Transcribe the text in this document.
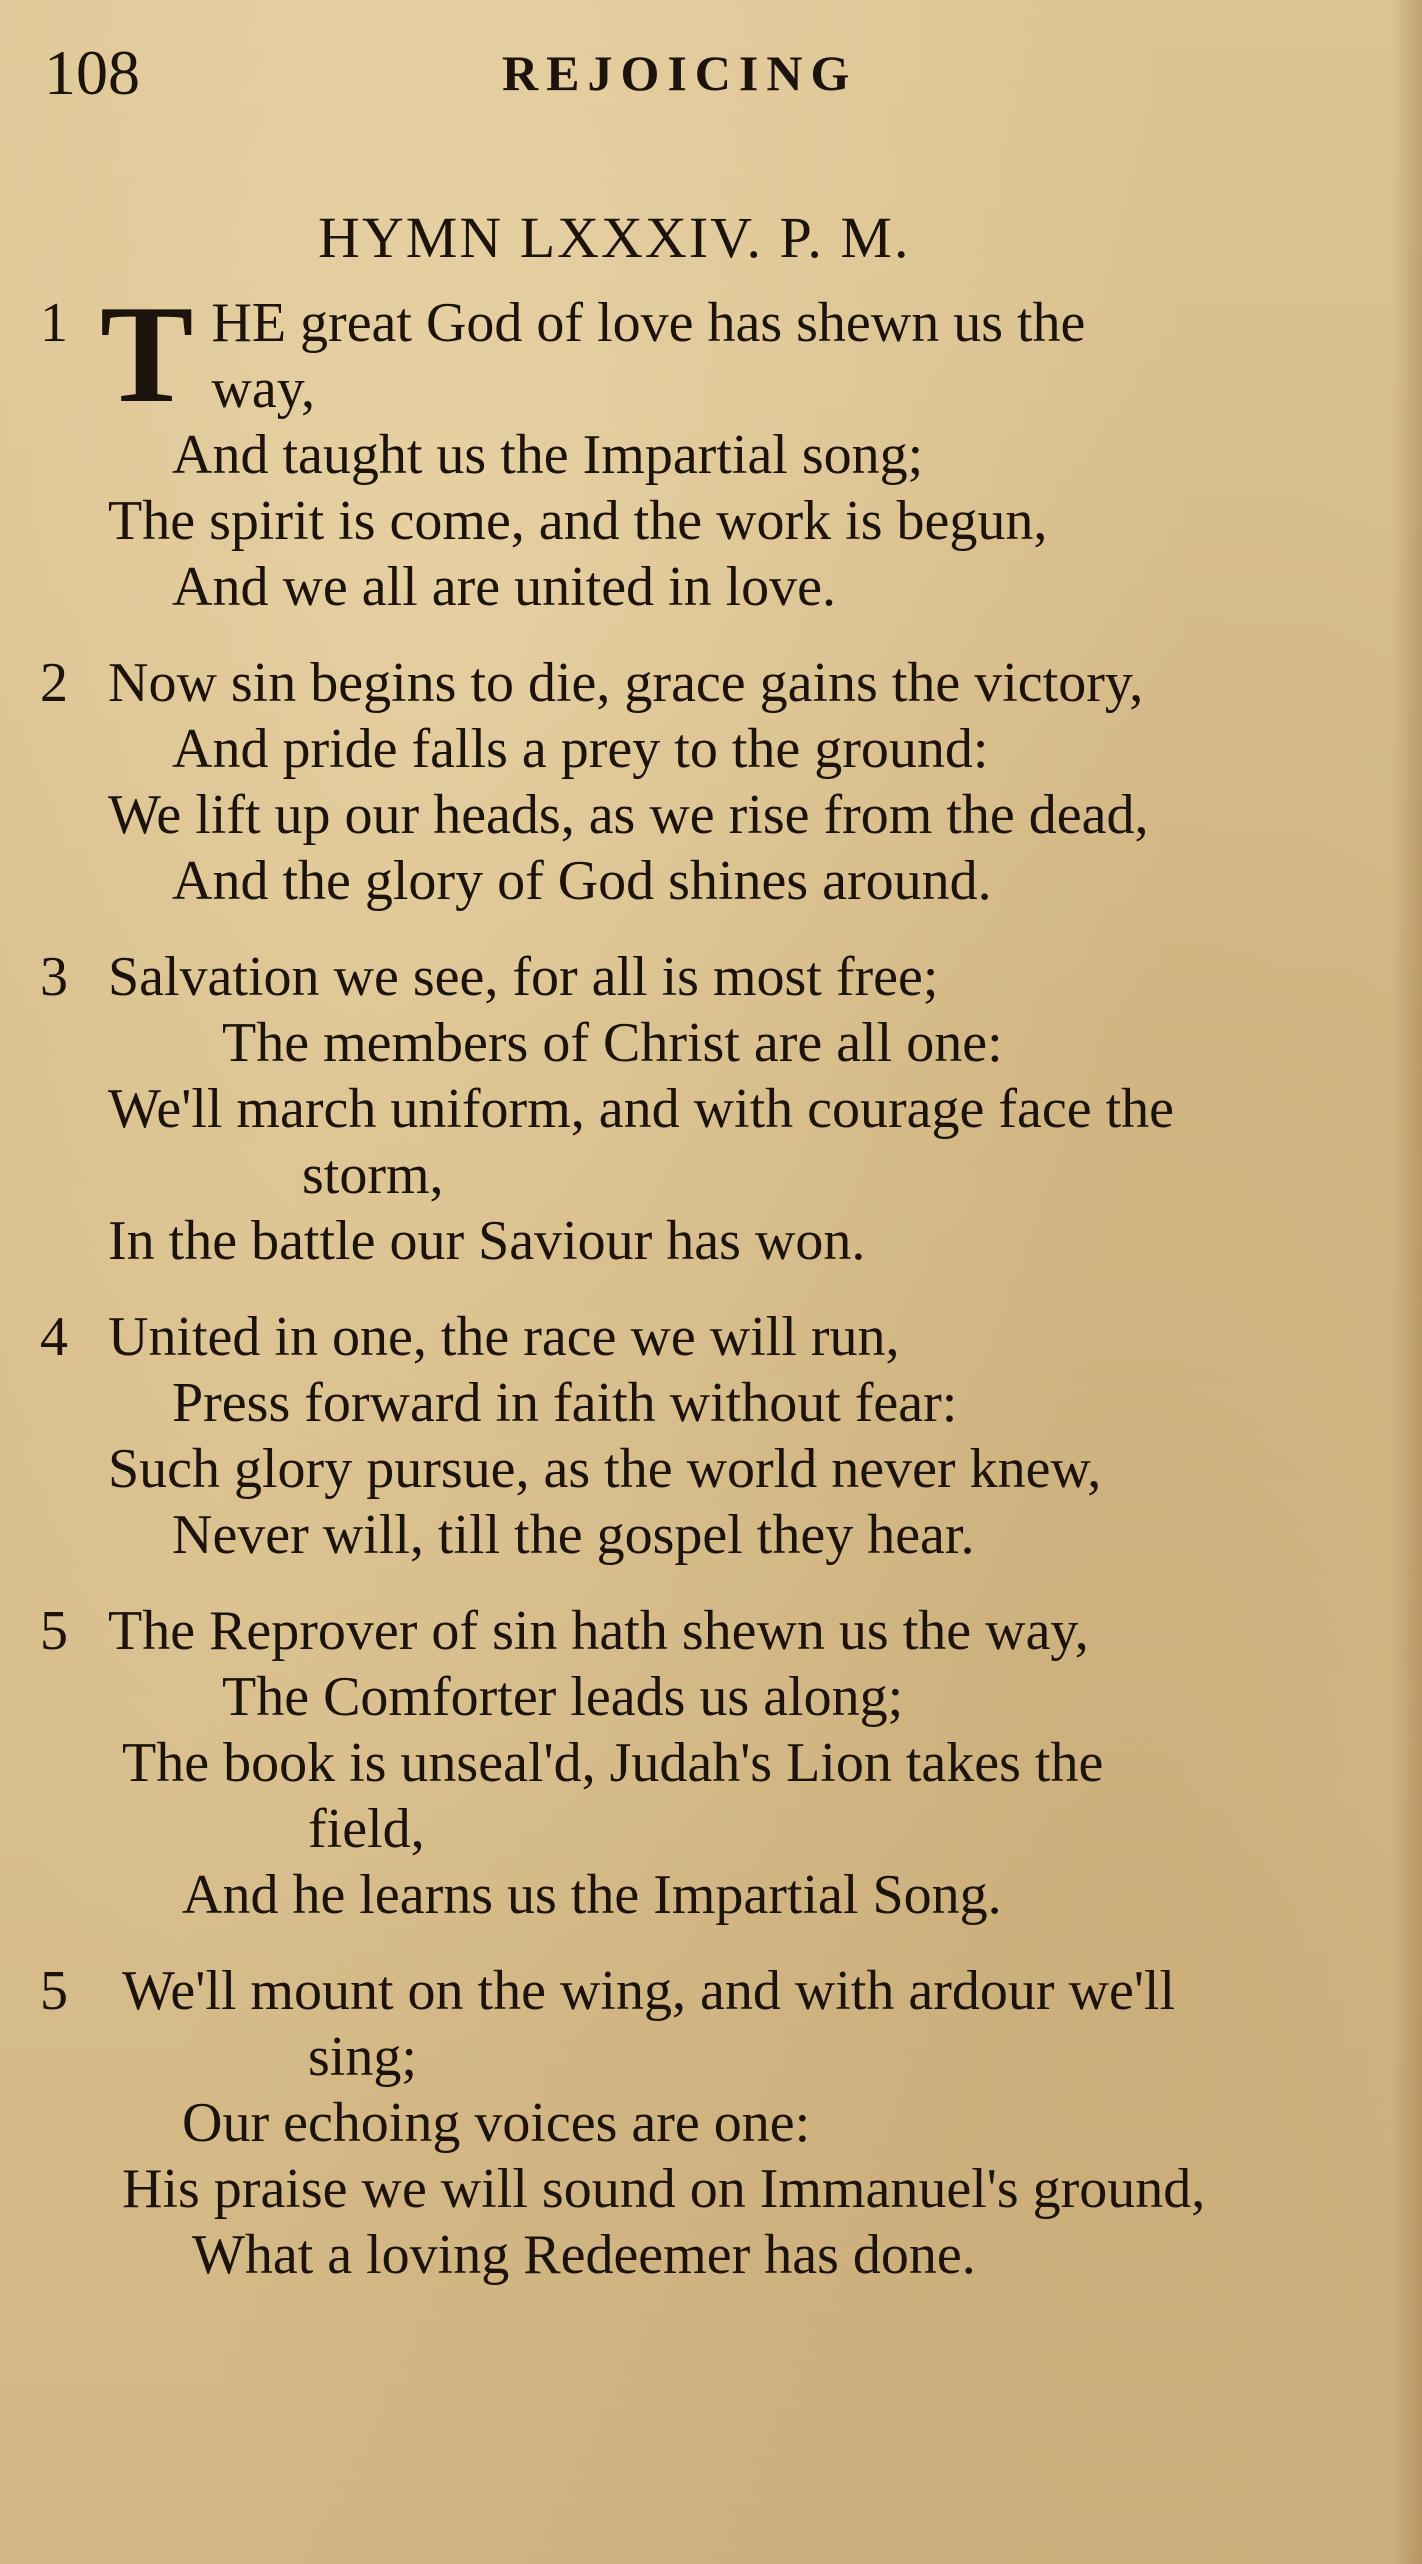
108	REJOICING
HYMN LXXXIV. P. M.
1 T HE great God of love has shewn us the
way,
And taught us the Impartial song;
The spirit is come, and the work is begun,
And we all are united in love.
2 Now sin begins to die, grace gains the victory,
And pride falls a prey to the ground:
We lift up our heads, as we rise from the dead,
And the glory of God shines around.
3 Salvation we see, for all is most free;
The members of Christ are all one:
We'll march uniform, and with courage face the
storm,
In the battle our Saviour has won.
4 United in one, the race we will run,
Press forward in faith without fear:
Such glory pursue, as the world never knew,
Never will, till the gospel they hear.
5 The Reprover of sin hath shewn us the way,
The Comforter leads us along;
The book is unseal'd, Judah's Lion takes the
field,
And he learns us the Impartial Song.
5 We'll mount on the wing, and with ardour we'll
sing;
Our echoing voices are one:
His praise we will sound on Immanuel's ground,
What a loving Redeemer has done.
